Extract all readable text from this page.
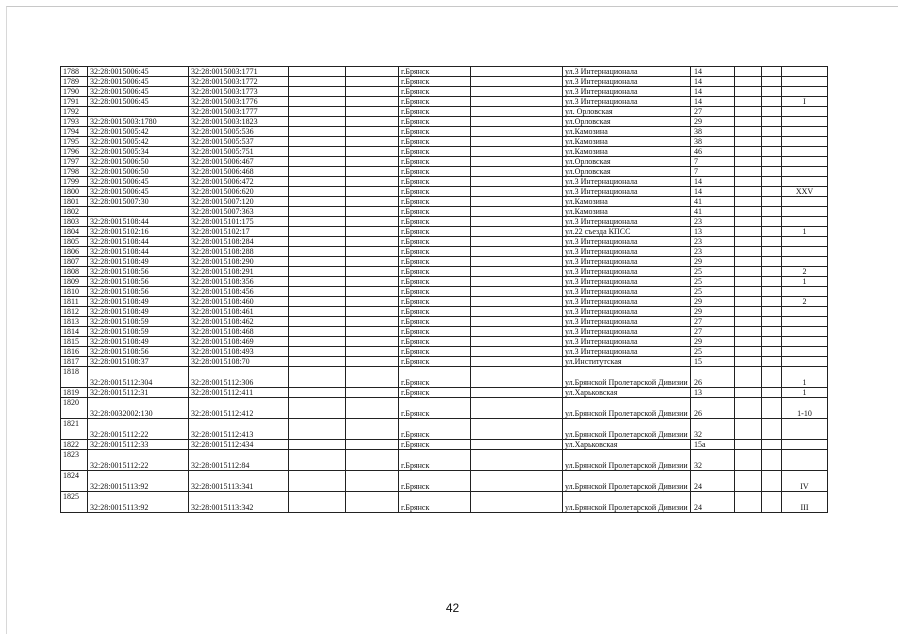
1788	32:28:0015006:45	32:28:0015003:1771			г.Брянск		ул.3 Интернационала	14			
1789	32:28:0015006:45	32:28:0015003:1772			г.Брянск		ул.3 Интернационала	14			
1790	32:28:0015006:45	32:28:0015003:1773			г.Брянск		ул.3 Интернационала	14			
1791	32:28:0015006:45	32:28:0015003:1776			г.Брянск		ул.3 Интернационала	14			I
1792		32:28:0015003:1777			г.Брянск		ул. Орловская	27			
1793	32:28:0015003:1780	32:28:0015003:1823			г.Брянск		ул.Орловская	29			
1794	32:28:0015005:42	32:28:0015005:536			г.Брянск		ул.Камозина	38			
1795	32:28:0015005:42	32:28:0015005:537			г.Брянск		ул.Камозина	38			
1796	32:28:0015005:34	32:28:0015005:751			г.Брянск		ул.Камозина	46			
1797	32:28:0015006:50	32:28:0015006:467			г.Брянск		ул.Орловская	7			
1798	32:28:0015006:50	32:28:0015006:468			г.Брянск		ул.Орловская	7			
1799	32:28:0015006:45	32:28:0015006:472			г.Брянск		ул.3 Интернационала	14			
1800	32:28:0015006:45	32:28:0015006:620			г.Брянск		ул.3 Интернационала	14			XXV
1801	32:28:0015007:30	32:28:0015007:120			г.Брянск		ул.Камозина	41			
1802		32:28:0015007:363			г.Брянск		ул.Камозина	41			
1803	32:28:0015108:44	32:28:0015101:175			г.Брянск		ул.3 Интернационала	23			
1804	32:28:0015102:16	32:28:0015102:17			г.Брянск		ул.22 съезда КПСС	13			1
1805	32:28:0015108:44	32:28:0015108:284			г.Брянск		ул.3 Интернационала	23			
1806	32:28:0015108:44	32:28:0015108:288			г.Брянск		ул.3 Интернационала	23			
1807	32:28:0015108:49	32:28:0015108:290			г.Брянск		ул.3 Интернационала	29			
1808	32:28:0015108:56	32:28:0015108:291			г.Брянск		ул.3 Интернационала	25			2
1809	32:28:0015108:56	32:28:0015108:356			г.Брянск		ул.3 Интернационала	25			1
1810	32:28:0015108:56	32:28:0015108:456			г.Брянск		ул.3 Интернационала	25			
1811	32:28:0015108:49	32:28:0015108:460			г.Брянск		ул.3 Интернационала	29			2
1812	32:28:0015108:49	32:28:0015108:461			г.Брянск		ул.3 Интернационала	29			
1813	32:28:0015108:59	32:28:0015108:462			г.Брянск		ул.3 Интернационала	27			
1814	32:28:0015108:59	32:28:0015108:468			г.Брянск		ул.3 Интернационала	27			
1815	32:28:0015108:49	32:28:0015108:469			г.Брянск		ул.3 Интернационала	29			
1816	32:28:0015108:56	32:28:0015108:493			г.Брянск		ул.3 Интернационала	25			
1817	32:28:0015108:37	32:28:0015108:70			г.Брянск		ул.Институтская	15			
1818	32:28:0015112:304	32:28:0015112:306			г.Брянск		ул.Брянской Пролетарской Дивизии	26			1
1819	32:28:0015112:31	32:28:0015112:411			г.Брянск		ул.Харьковская	13			1
1820	32:28:0032002:130	32:28:0015112:412			г.Брянск		ул.Брянской Пролетарской Дивизии	26			1-10
1821	32:28:0015112:22	32:28:0015112:413			г.Брянск		ул.Брянской Пролетарской Дивизии	32			
1822	32:28:0015112:33	32:28:0015112:434			г.Брянск		ул.Харьковская	15а			
1823	32:28:0015112:22	32:28:0015112:84			г.Брянск		ул.Брянской Пролетарской Дивизии	32			
1824	32:28:0015113:92	32:28:0015113:341			г.Брянск		ул.Брянской Пролетарской Дивизии	24			IV
1825	32:28:0015113:92	32:28:0015113:342			г.Брянск		ул.Брянской Пролетарской Дивизии	24			III
42
